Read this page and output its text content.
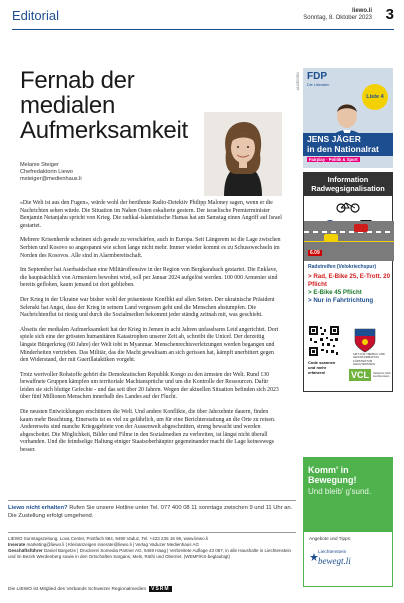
Editorial	liewo.li
Sonntag, 8. Oktober 2023 3
Fernab der medialen Aufmerksamkeit
Melanie Steiger
Chefredaktorin Liewo
msteiger@medienhaus.li

«Die Welt ist aus den Fugen», würde wohl der berühmte Radio-Detektiv Philipp Maloney sagen, wenn er die Nachrichten sehen würde. Die Situation im Nahen Osten eskalierte gestern. Der israelische Premierminister Benjamin Netanjahu spricht von Krieg. Die radikal-islamistische Hamas hat am Samstag einen Angriff auf Israel gestartet.

Mehrere Krisenherde scheinen sich gerade zu verschärfen, auch in Europa. Seit Längerem ist die Lage zwischen Serbien und Kosovo so angespannt wie schon lange nicht mehr. Immer wieder kommt es zu Schusswechseln im Norden des Kosovos. Alle sind in Alarmbereitschaft.

Im September hat Aserbaidschan eine Militäroffensive in der Region von Bergkarabach gestartet. Die Enklave, die hauptsächlich von Armeniern bewohnt wird, soll per Januar 2024 aufgelöst werden. 100 000 Armenier sind bereits geflohen, kaum jemand ist dort geblieben.

Der Krieg in der Ukraine war bisher wohl der präsenteste Konflikt auf allen Seiten. Der ukrainische Präsident Selenski hat Angst, dass der Krieg in seinem Land vergessen geht und die Menschen abstumpfen. Die Nachrichtenflut ist riesig und durch die Sozialmedien bekommt jeder ständig zeitnah mit, was geschieht.

Abseits der medialen Aufmerksamkeit hat der Krieg in Jemen in acht Jahren unfassbares Leid angerichtet. Dort spiele sich eine der grössten humanitären Katastrophen unserer Zeit ab, schreibt die Unicef. Der derzeitig längste Bürgerkrieg (60 Jahre) der Welt tobt in Myanmar. Menschenrechtsverletzungen werden begangen und Minderheiten vertrieben. Das Militär, das die Macht gewaltsam an sich gerissen hat, kämpft unerbittert gegen den Widerstand, der mit Guerillataktiken vorgeht.

Trotz wertvoller Rohstoffe gehört die Demokratischen Republik Kongo zu den ärmsten der Welt. Rund 130 bewaffnete Gruppen kämpfen um territoriale Machtansprüche und um die Kontrolle der Ressourcen. Dafür leiden sie sich blutige Gefechte - und das seit über 20 Jahren. Wegen der aktuellen Situation befinden sich 2023 über fünf Millionen Menschen innerhalb des Landes auf der Flucht.

Die neusten Entwicklungen erschüttern die Welt. Und andere Konflikte, die über Jahrzehnte dauern, finden kaum mehr Beachtung. Einerseits ist es viel zu gefährlich, um für eine Berichterstattung an die Orte zu reisen. Andererseits sind manche Kriegsgebiete von der Aussenwelt abgeschnitten, streng bewacht und werden abgeschottet. Die Möglichkeit, Bilder und Filme in den Sozialmedien zu verbreiten, ist längst nicht überall vorhanden. Und die feindselige Haltung einiger Staatsoberhäupter gegeneinander macht die Lage keineswegs besser.

Liewo nicht erhalten? Rufen Sie unsere Hotline unter Tel. 077 400 08 11 sonntags zwischen 9 und 11 Uhr an. Die Zustellung erfolgt umgehend.
LIEWO Sonntagszeitung, Lova Center, Postfach 884, 9490 Vaduz, Tel. +423 236 16 96, www.liewo.li
Inserate marketing@liewo.li | Kleinanzeigen inserate@liewo.li | Verlag Vaduzer Medienhaus AG
Geschäftsführer Daniel Bargetze | Druckerei Somedia Partner AG, 9469 Haag | Verbreitete Auflage 43 087, in alle Haushalte in Liechtenstein und im Bezirk Werdenberg sowie in den Ortschaften Sargans, Mels, Rüthi und Oberriet. (WEMF/KS-beglaubigt)
Die LIEWO ist Mitglied des Verbands Schweizer Regionalmedien	VSRM
ANZEIGEN FDP
Die Liberalen
Liste 4
JENS JÄGER
in den Nationalrat
Fairplay · Politik & Sport
Information
Radwegsignalisation
6.09
Radstreifen (Velokriechspur)
> Rad, E-Bike 25, E-Trott. 20 Pflicht
> E-Bike 45 Pflicht
> Nur in Fahrtrichtung
AMT FÜR TIEFBAU UND GEOINFORMATION FÜRSTENTUM LIECHTENSTEIN
Code scannen
und mehr
erfahren!	VCL	Verkehrs-Club Liechtenstein
Komm' in
Bewegung!
Und bleib' g'sund.
Angebote und Tipps:
Liechtenstein
bewegt.li
